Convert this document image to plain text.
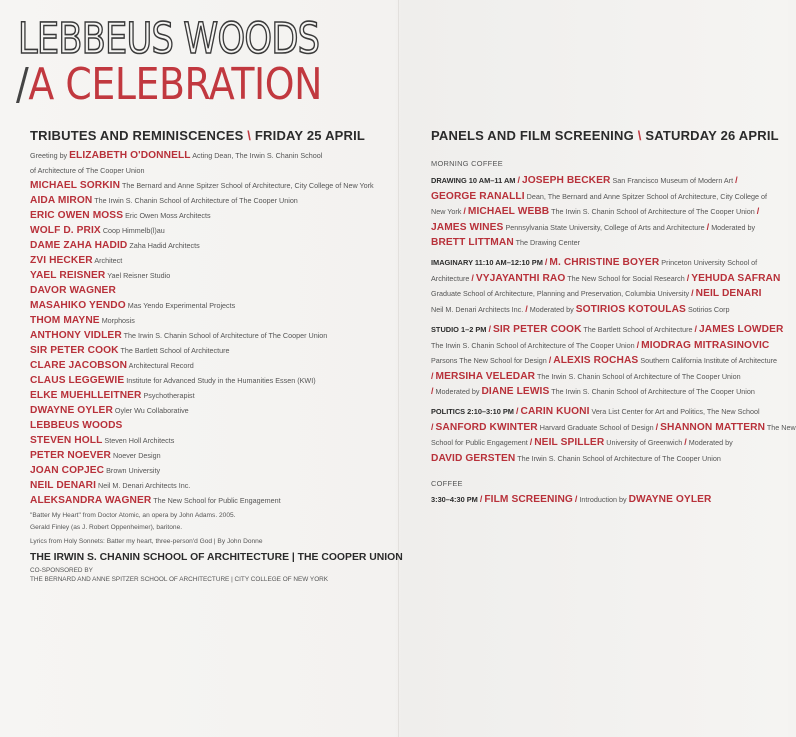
LEBBEUS WOODS
/A CELEBRATION
TRIBUTES AND REMINISCENCES \ FRIDAY 25 APRIL
Greeting by ELIZABETH O'DONNELL Acting Dean, The Irwin S. Chanin School
of Architecture of The Cooper Union
MICHAEL SORKIN The Bernard and Anne Spitzer School of Architecture, City College of New York
AIDA MIRON The Irwin S. Chanin School of Architecture of The Cooper Union
ERIC OWEN MOSS Eric Owen Moss Architects
WOLF D. PRIX Coop Himmelb(l)au
DAME ZAHA HADID Zaha Hadid Architects
ZVI HECKER Architect
YAEL REISNER Yael Reisner Studio
DAVOR WAGNER
MASAHIKO YENDO Mas Yendo Experimental Projects
THOM MAYNE Morphosis
ANTHONY VIDLER The Irwin S. Chanin School of Architecture of The Cooper Union
SIR PETER COOK The Bartlett School of Architecture
CLARE JACOBSON Architectural Record
CLAUS LEGGEWIE Institute for Advanced Study in the Humanities Essen (KWI)
ELKE MUEHLLEITNER Psychotherapist
DWAYNE OYLER Oyler Wu Collaborative
LEBBEUS WOODS
STEVEN HOLL Steven Holl Architects
PETER NOEVER Noever Design
JOAN COPJEC Brown University
NEIL DENARI Neil M. Denari Architects Inc.
ALEKSANDRA WAGNER The New School for Public Engagement
"Batter My Heart" from Doctor Atomic, an opera by John Adams. 2005.
Gerald Finley (as J. Robert Oppenheimer), baritone.
Lyrics from Holy Sonnets: Batter my heart, three-person'd God | By John Donne
THE IRWIN S. CHANIN SCHOOL OF ARCHITECTURE | THE COOPER UNION
CO-SPONSORED BY
THE BERNARD AND ANNE SPITZER SCHOOL OF ARCHITECTURE | CITY COLLEGE OF NEW YORK
PANELS AND FILM SCREENING \ SATURDAY 26 APRIL
MORNING COFFEE
DRAWING 10 AM–11 AM / JOSEPH BECKER San Francisco Museum of Modern Art /
GEORGE RANALLI Dean, The Bernard and Anne Spitzer School of Architecture, City College of
New York / MICHAEL WEBB The Irwin S. Chanin School of Architecture of The Cooper Union /
JAMES WINES Pennsylvania State University, College of Arts and Architecture / Moderated by
BRETT LITTMAN The Drawing Center
IMAGINARY 11:10 AM–12:10 PM / M. CHRISTINE BOYER Princeton University School of
Architecture / VYJAYANTHI RAO The New School for Social Research / YEHUDA SAFRAN
Graduate School of Architecture, Planning and Preservation, Columbia University / NEIL DENARI
Neil M. Denari Architects Inc. / Moderated by SOTIRIOS KOTOULAS Sotirios Corp
STUDIO 1–2 PM / SIR PETER COOK The Bartlett School of Architecture / JAMES LOWDER
The Irwin S. Chanin School of Architecture of The Cooper Union / MIODRAG MITRASINOVIC
Parsons The New School for Design / ALEXIS ROCHAS Southern California Institute of Architecture
/ MERSIHA VELEDAR The Irwin S. Chanin School of Architecture of The Cooper Union
/ Moderated by DIANE LEWIS The Irwin S. Chanin School of Architecture of The Cooper Union
POLITICS 2:10–3:10 PM / CARIN KUONI Vera List Center for Art and Politics, The New School
/ SANFORD KWINTER Harvard Graduate School of Design / SHANNON MATTERN The New
School for Public Engagement / NEIL SPILLER University of Greenwich / Moderated by
DAVID GERSTEN The Irwin S. Chanin School of Architecture of The Cooper Union
COFFEE
3:30–4:30 PM / FILM SCREENING / Introduction by DWAYNE OYLER
